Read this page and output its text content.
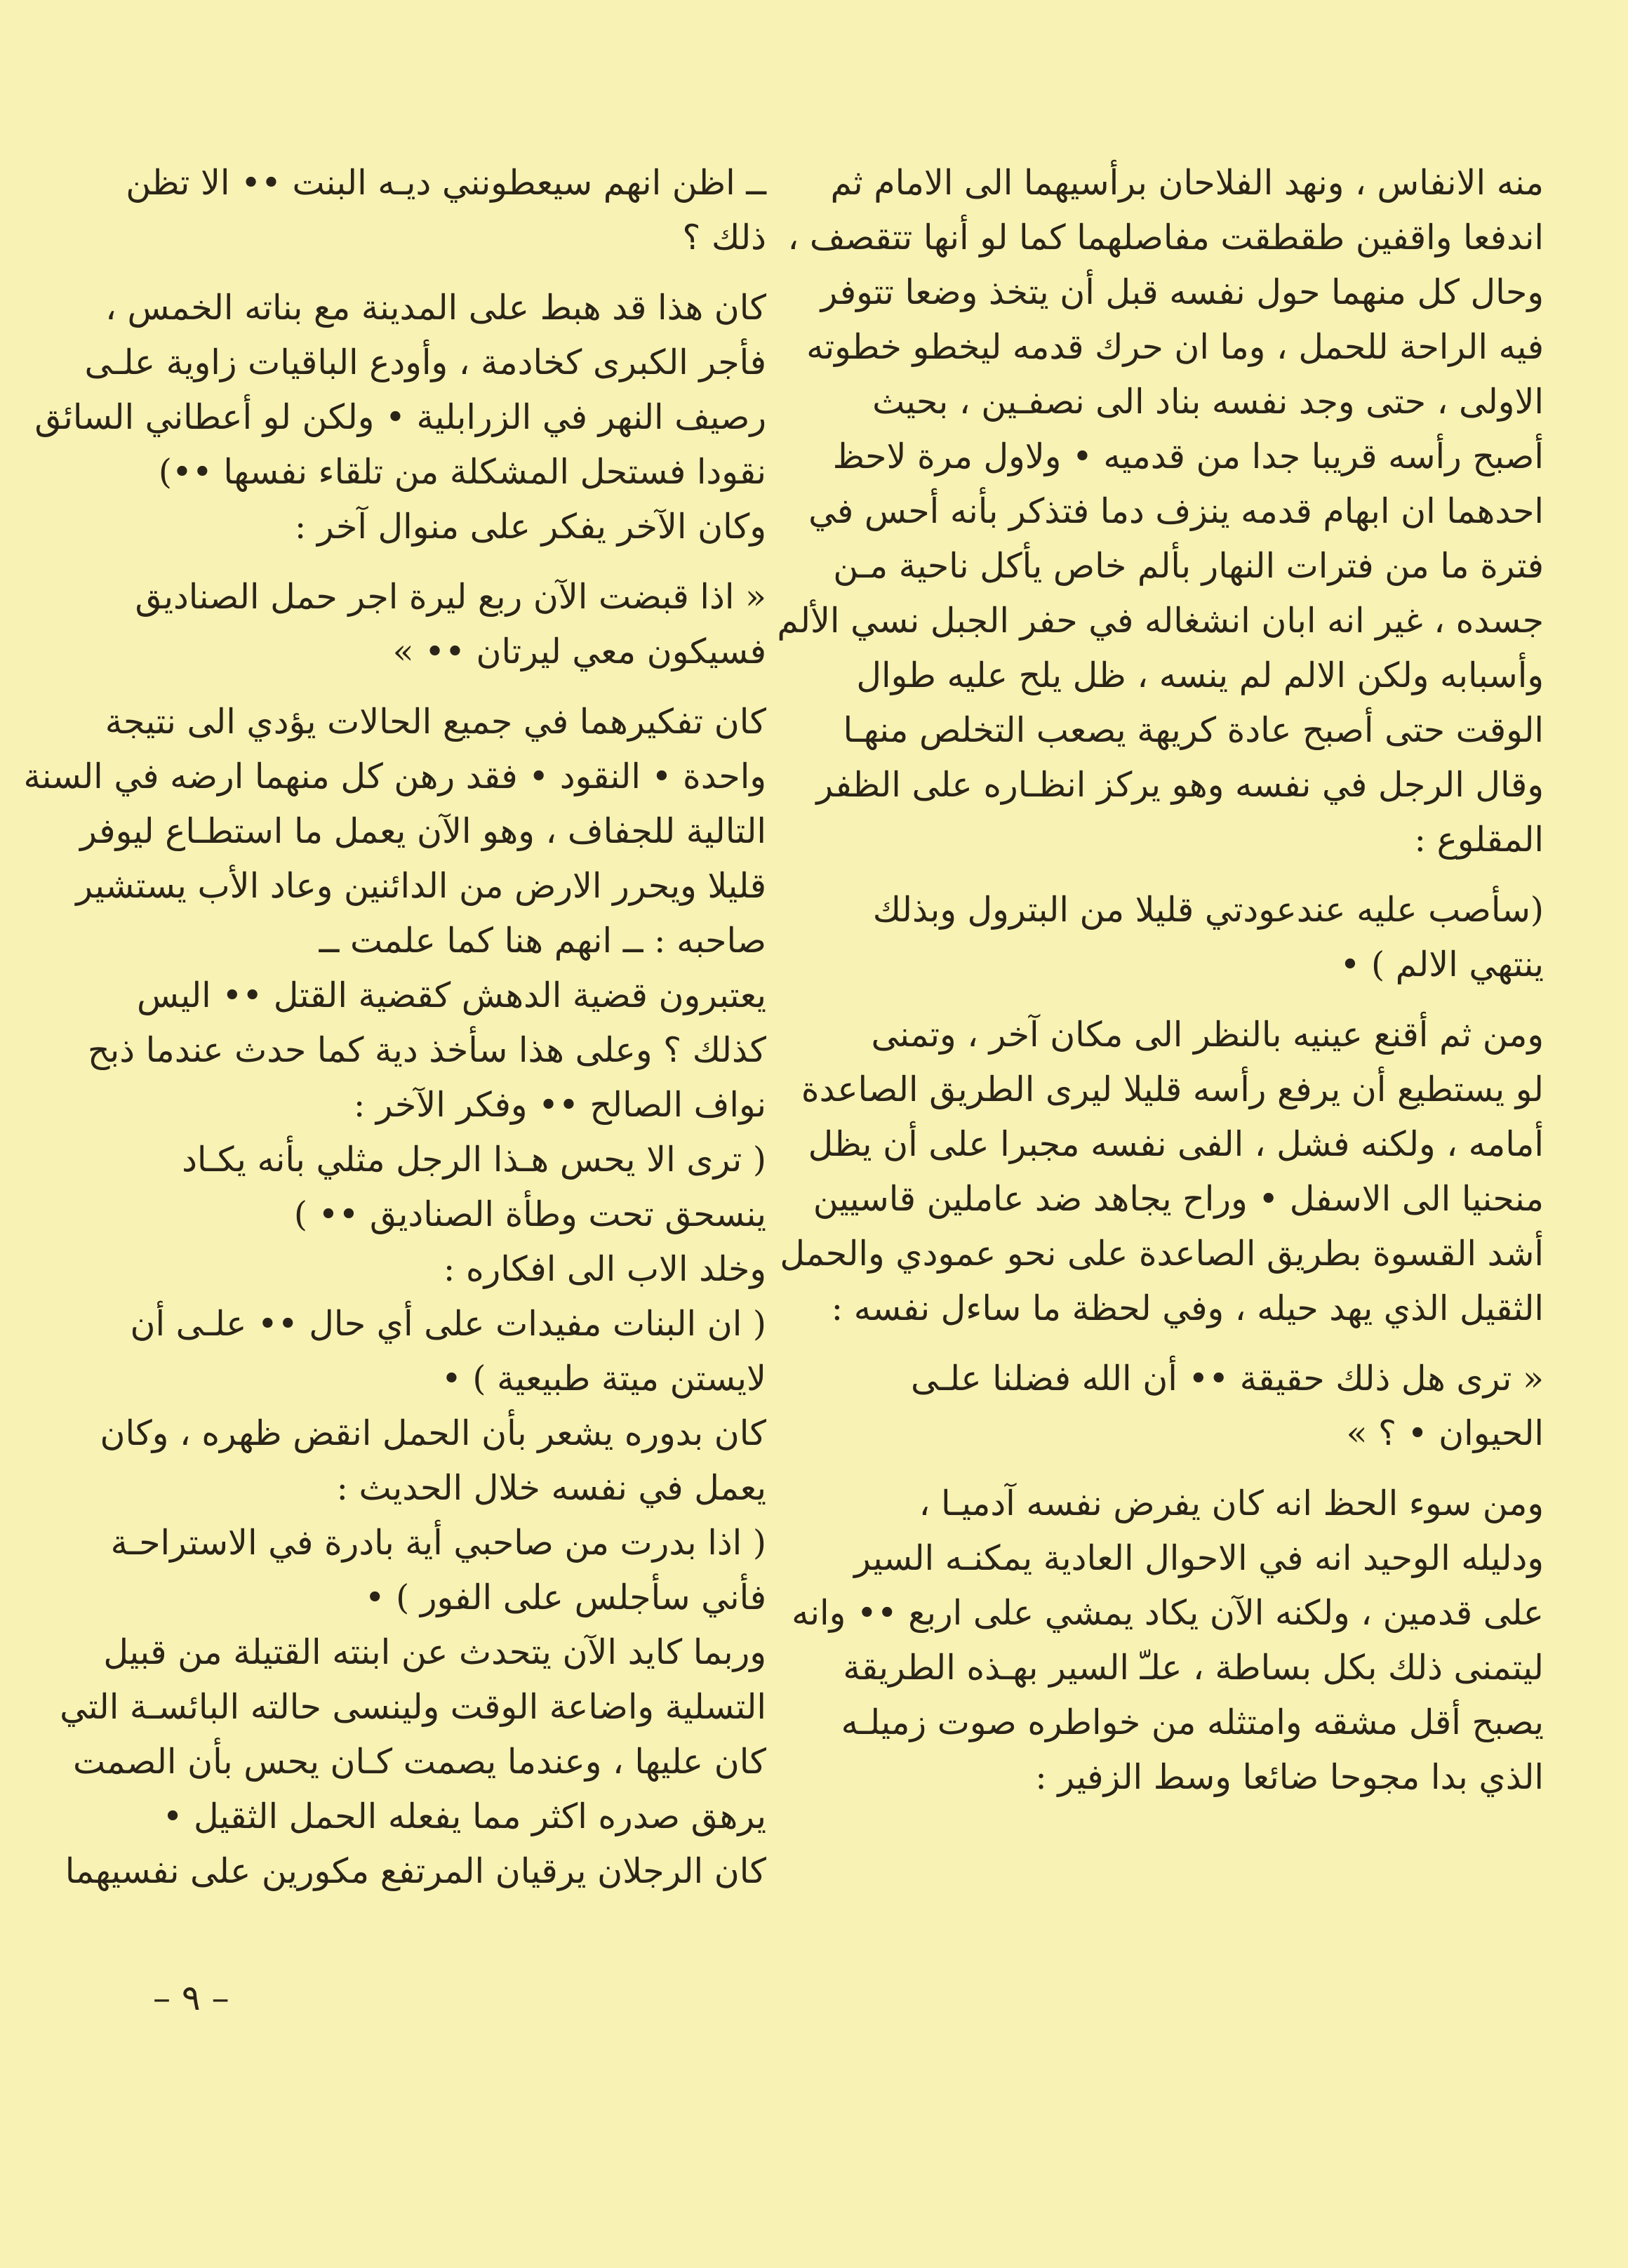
منه الانفاس ، ونهد الفلاحان برأسيهما الى الامام ثم
اندفعا واقفين طقطقت مفاصلهما كما لو أنها تتقصف ،
وحال كل منهما حول نفسه قبل أن يتخذ وضعا تتوفر
فيه الراحة للحمل ، وما ان حرك قدمه ليخطو خطوته
الاولى ، حتى وجد نفسه بناد الى نصفـين ، بحيث
أصبح رأسه قريبا جدا من قدميه • ولاول مرة لاحظ
احدهما ان ابهام قدمه ينزف دما فتذكر بأنه أحس في
فترة ما من فترات النهار بألم خاص يأكل ناحية مـن
جسده ، غير انه ابان انشغاله في حفر الجبل نسي الألم
وأسبابه ولكن الالم لم ينسه ، ظل يلح عليه طوال
الوقت حتى أصبح عادة كريهة يصعب التخلص منهـا
وقال الرجل في نفسه وهو يركز انظـاره على الظفر
المقلوع :
(سأصب عليه عندعودتي قليلا من البترول وبذلك
ينتهي الالم ) •
ومن ثم أقنع عينيه بالنظر الى مكان آخر ، وتمنى
لو يستطيع أن يرفع رأسه قليلا ليرى الطريق الصاعدة
أمامه ، ولكنه فشل ، الفى نفسه مجبرا على أن يظل
منحنيا الى الاسفل • وراح يجاهد ضد عاملين قاسيين
أشد القسوة بطريق الصاعدة على نحو عمودي والحمل
الثقيل الذي يهد حيله ، وفي لحظة ما ساءل نفسه :
« ترى هل ذلك حقيقة •• أن الله فضلنا علـى
الحيوان • ؟ »
ومن سوء الحظ انه كان يفرض نفسه آدميـا ،
ودليله الوحيد انه في الاحوال العادية يمكنـه السير
على قدمين ، ولكنه الآن يكاد يمشي على اربع •• وانه
ليتمنى ذلك بكل بساطة ، علـّ السير بهـذه الطريقة
يصبح أقل مشقه وامتثله من خواطره صوت زميلـه
الذي بدا مجوحا ضائعا وسط الزفير :
ــ اظن انهم سيعطونني ديـه البنت •• الا تظن
ذلك ؟
كان هذا قد هبط على المدينة مع بناته الخمس ،
فأجر الكبرى كخادمة ، وأودع الباقيات زاوية علـى
رصيف النهر في الزرابلية • ولكن لو أعطاني السائق
نقودا فستحل المشكلة من تلقاء نفسها ••)
وكان الآخر يفكر على منوال آخر :
« اذا قبضت الآن ربع ليرة اجر حمل الصناديق
فسيكون معي ليرتان •• »
كان تفكيرهما في جميع الحالات يؤدي الى نتيجة
واحدة • النقود • فقد رهن كل منهما ارضه في السنة
التالية للجفاف ، وهو الآن يعمل ما استطـاع ليوفر
قليلا ويحرر الارض من الدائنين وعاد الأب يستشير
صاحبه : ــ انهم هنا كما علمت ــ
يعتبرون قضية الدهش كقضية القتل •• اليس
كذلك ؟ وعلى هذا سأخذ دية كما حدث عندما ذبح
نواف الصالح •• وفكر الآخر :
( ترى الا يحس هـذا الرجل مثلي بأنه يكـاد
ينسحق تحت وطأة الصناديق •• )
وخلد الاب الى افكاره :
( ان البنات مفيدات على أي حال •• علـى أن
لايستن ميتة طبيعية ) •
كان بدوره يشعر بأن الحمل انقض ظهره ، وكان
يعمل في نفسه خلال الحديث :
( اذا بدرت من صاحبي أية بادرة في الاستراحـة
فأني سأجلس على الفور ) •
وربما كايد الآن يتحدث عن ابنته القتيلة من قبيل
التسلية واضاعة الوقت ولينسى حالته البائسـة التي
كان عليها ، وعندما يصمت كـان يحس بأن الصمت
يرهق صدره اكثر مما يفعله الحمل الثقيل •
كان الرجلان يرقيان المرتفع مكورين على نفسيهما
– ٩ –
